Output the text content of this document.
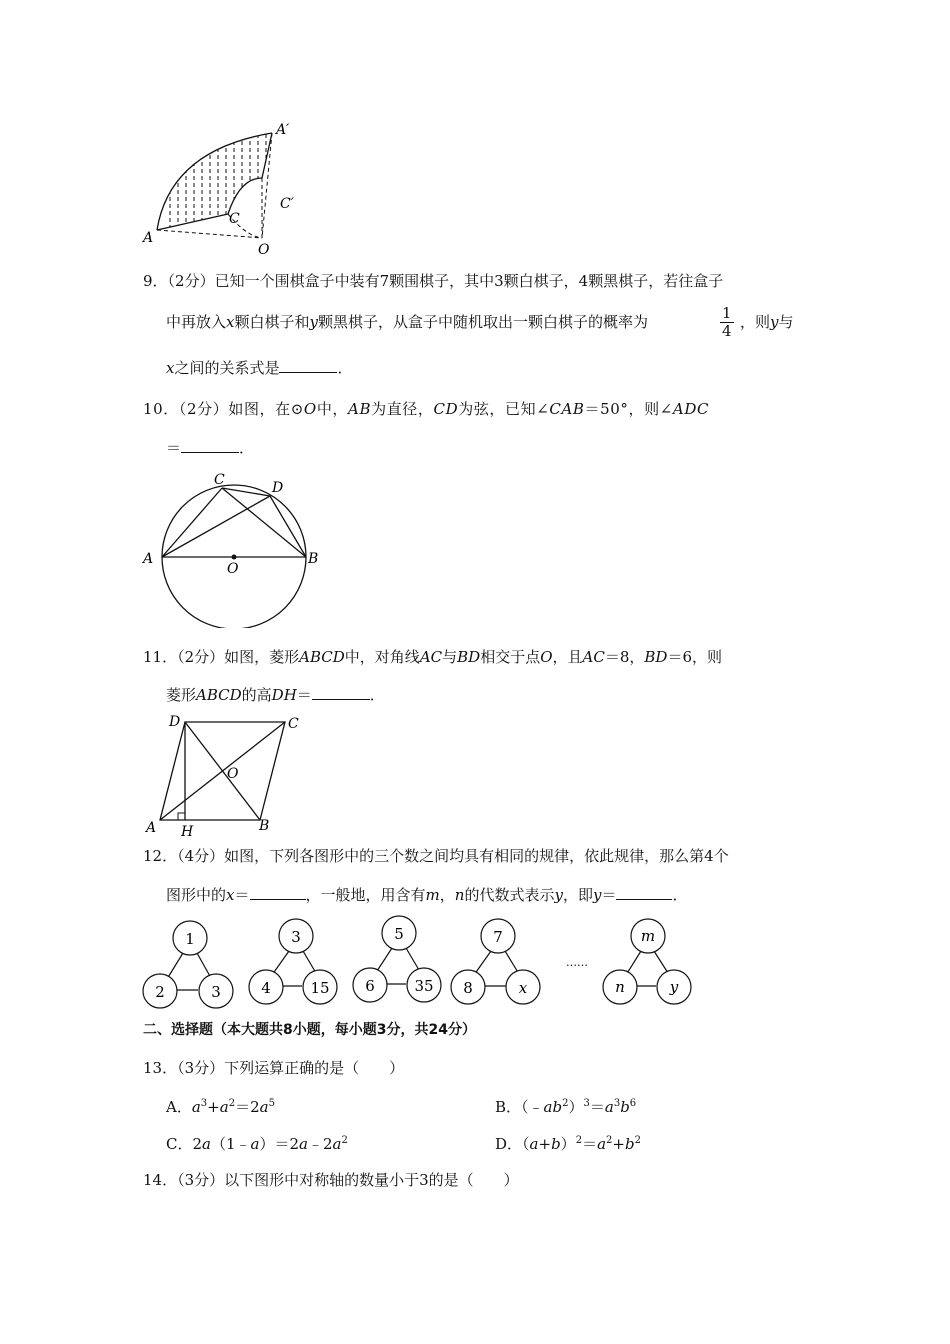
A
A′
C
C′
O
9．（2分）已知一个围棋盒子中装有7颗围棋子，其中3颗白棋子，4颗黑棋子，若往盒子
中再放入x颗白棋子和y颗黑棋子，从盒子中随机取出一颗白棋子的概率为	$\frac{1}{4}$ ，则y与
x之间的关系式是	．
10．（2分）如图，在⊙O中，AB为直径，CD为弦，已知∠CAB＝50°，则∠ADC
＝	．
A	B
C	D
O
11．（2分）如图，菱形ABCD中，对角线AC与BD相交于点O，且AC＝8，BD＝6，则
菱形ABCD的高DH＝	．
A	B
C
D
O
H
12．（4分）如图，下列各图形中的三个数之间均具有相同的规律，依此规律，那么第4个
图形中的x＝	，一般地，用含有m，n的代数式表示y，即y＝	．
1
2	3
3
4	15
5
6	35
7
8	x
……
m
n	y
二、选择题（本大题共8小题，每小题3分，共24分）
13．（3分）下列运算正确的是（　　）
A．$a^3+a^2=2a^5$	B．$(﹣ab^2)^3=a^3b^6$
C．$2a(1﹣a)=2a﹣2a^2$	D．$(a+b)^2=a^2+b^2$
14．（3分）以下图形中对称轴的数量小于3的是（　　）
